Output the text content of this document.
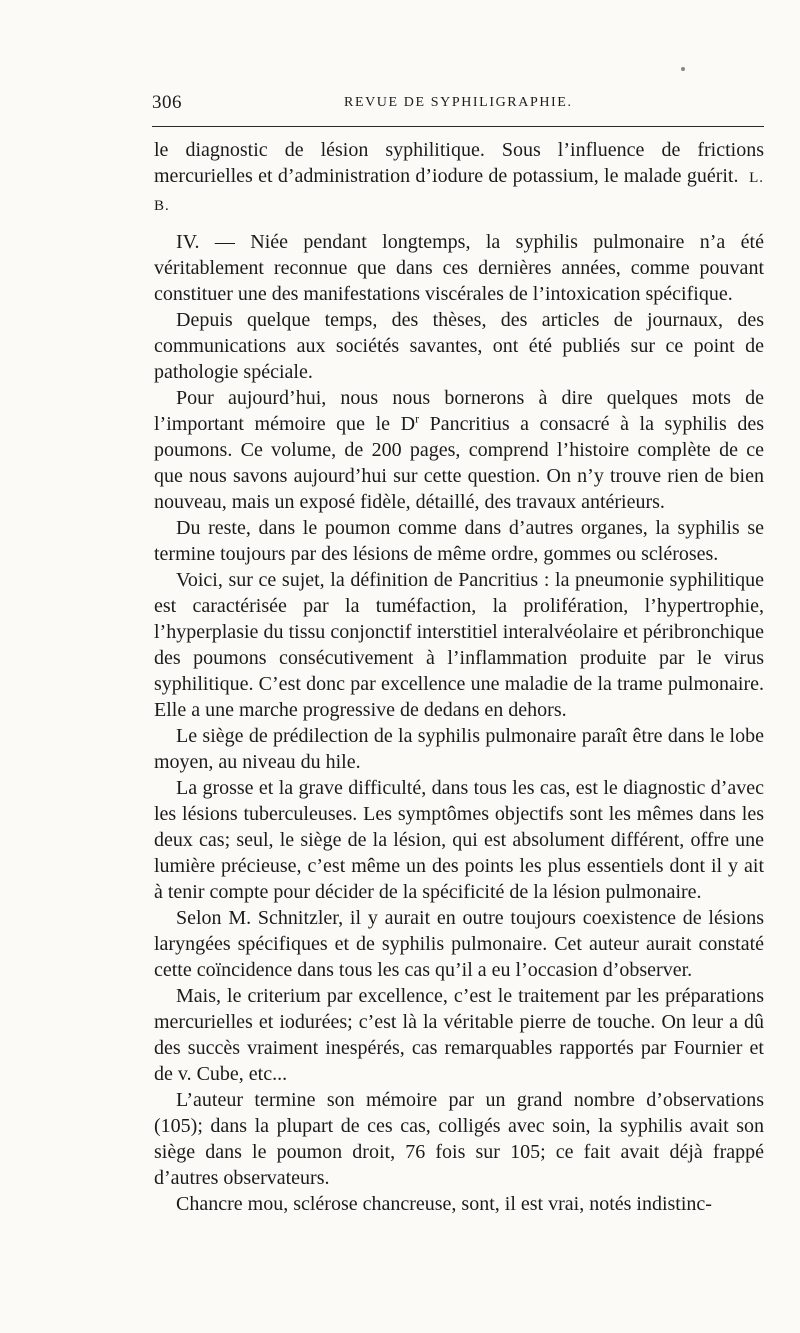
306	REVUE DE SYPHILIGRAPHIE.

le diagnostic de lésion syphilitique. Sous l’influence de frictions mercurielles et d’administration d’iodure de potassium, le malade guérit. L. B.

IV. — Niée pendant longtemps, la syphilis pulmonaire n’a été véritablement reconnue que dans ces dernières années, comme pouvant constituer une des manifestations viscérales de l’intoxication spécifique.

Depuis quelque temps, des thèses, des articles de journaux, des communications aux sociétés savantes, ont été publiés sur ce point de pathologie spéciale.

Pour aujourd’hui, nous nous bornerons à dire quelques mots de l’important mémoire que le $D^r$ Pancritius a consacré à la syphilis des poumons. Ce volume, de 200 pages, comprend l’histoire complète de ce que nous savons aujourd’hui sur cette question. On n’y trouve rien de bien nouveau, mais un exposé fidèle, détaillé, des travaux antérieurs.

Du reste, dans le poumon comme dans d’autres organes, la syphilis se termine toujours par des lésions de même ordre, gommes ou scléroses.

Voici, sur ce sujet, la définition de Pancritius : la pneumonie syphilitique est caractérisée par la tuméfaction, la prolifération, l’hypertrophie, l’hyperplasie du tissu conjonctif interstitiel interalvéolaire et péribronchique des poumons consécutivement à l’inflammation produite par le virus syphilitique. C’est donc par excellence une maladie de la trame pulmonaire. Elle a une marche progressive de dedans en dehors.

Le siège de prédilection de la syphilis pulmonaire paraît être dans le lobe moyen, au niveau du hile.

La grosse et la grave difficulté, dans tous les cas, est le diagnostic d’avec les lésions tuberculeuses. Les symptômes objectifs sont les mêmes dans les deux cas; seul, le siège de la lésion, qui est absolument différent, offre une lumière précieuse, c’est même un des points les plus essentiels dont il y ait à tenir compte pour décider de la spécificité de la lésion pulmonaire.

Selon M. Schnitzler, il y aurait en outre toujours coexistence de lésions laryngées spécifiques et de syphilis pulmonaire. Cet auteur aurait constaté cette coïncidence dans tous les cas qu’il a eu l’occasion d’observer.

Mais, le criterium par excellence, c’est le traitement par les préparations mercurielles et iodurées; c’est là la véritable pierre de touche. On leur a dû des succès vraiment inespérés, cas remarquables rapportés par Fournier et de v. Cube, etc...

L’auteur termine son mémoire par un grand nombre d’observations (105); dans la plupart de ces cas, colligés avec soin, la syphilis avait son siège dans le poumon droit, 76 fois sur 105; ce fait avait déjà frappé d’autres observateurs.

Chancre mou, sclérose chancreuse, sont, il est vrai, notés indistinc-
